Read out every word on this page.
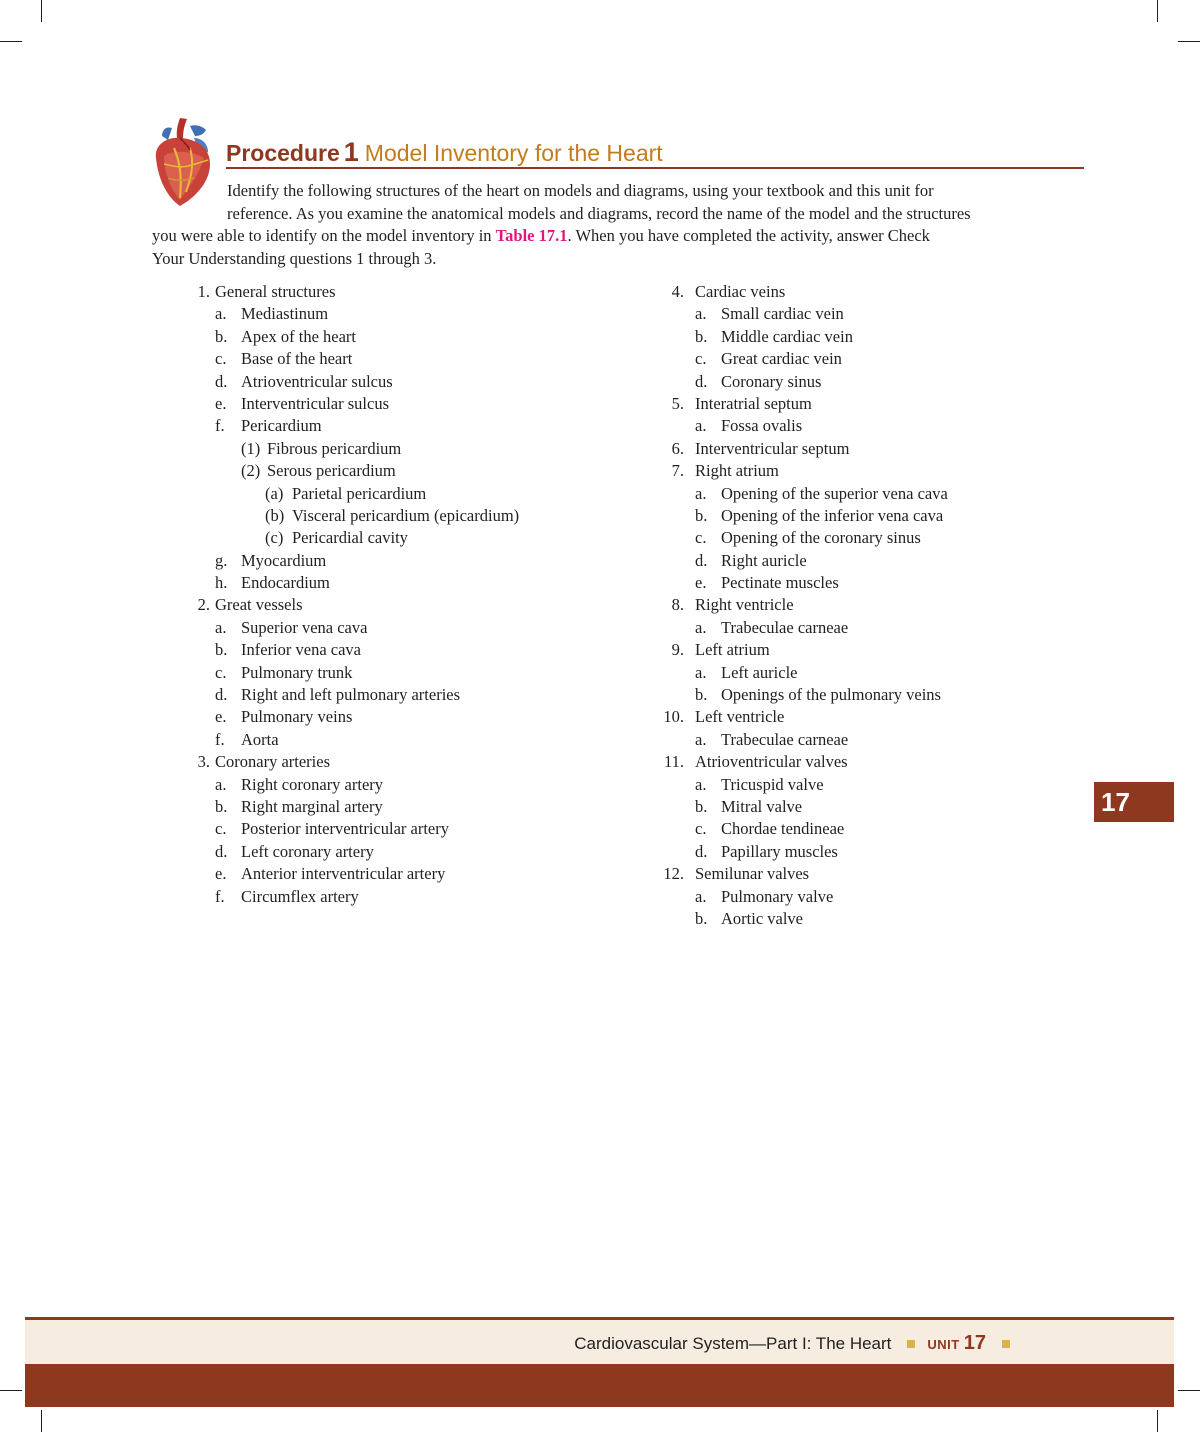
Procedure 1 Model Inventory for the Heart
Identify the following structures of the heart on models and diagrams, using your textbook and this unit for
reference. As you examine the anatomical models and diagrams, record the name of the model and the structures
you were able to identify on the model inventory in Table 17.1. When you have completed the activity, answer Check
Your Understanding questions 1 through 3.
1. General structures
a. Mediastinum
b. Apex of the heart
c. Base of the heart
d. Atrioventricular sulcus
e. Interventricular sulcus
f. Pericardium
(1) Fibrous pericardium
(2) Serous pericardium
(a) Parietal pericardium
(b) Visceral pericardium (epicardium)
(c) Pericardial cavity
g. Myocardium
h. Endocardium
2. Great vessels
a. Superior vena cava
b. Inferior vena cava
c. Pulmonary trunk
d. Right and left pulmonary arteries
e. Pulmonary veins
f. Aorta
3. Coronary arteries
a. Right coronary artery
b. Right marginal artery
c. Posterior interventricular artery
d. Left coronary artery
e. Anterior interventricular artery
f. Circumflex artery
4. Cardiac veins
a. Small cardiac vein
b. Middle cardiac vein
c. Great cardiac vein
d. Coronary sinus
5. Interatrial septum
a. Fossa ovalis
6. Interventricular septum
7. Right atrium
a. Opening of the superior vena cava
b. Opening of the inferior vena cava
c. Opening of the coronary sinus
d. Right auricle
e. Pectinate muscles
8. Right ventricle
a. Trabeculae carneae
9. Left atrium
a. Left auricle
b. Openings of the pulmonary veins
10. Left ventricle
a. Trabeculae carneae
11. Atrioventricular valves
a. Tricuspid valve
b. Mitral valve
c. Chordae tendineae
d. Papillary muscles
12. Semilunar valves
a. Pulmonary valve
b. Aortic valve
17
Cardiovascular System—Part I: The Heart	UNIT 17
